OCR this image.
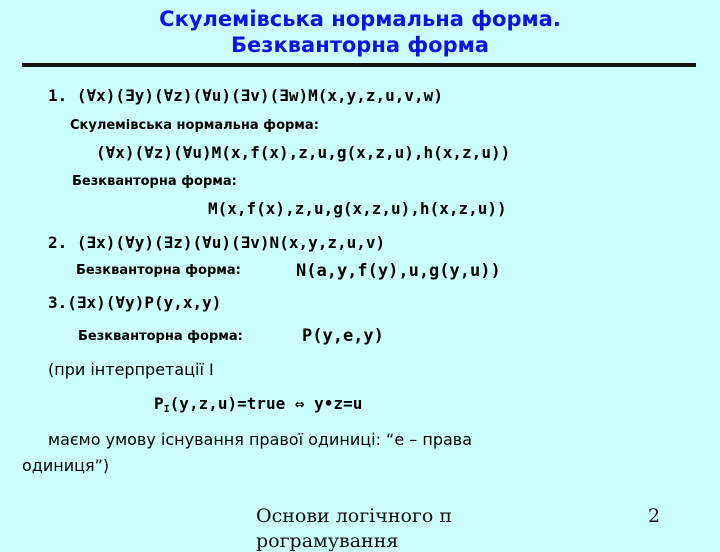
Скулемівська нормальна форма.
Безкванторна форма
1. (∀x)(∃y)(∀z)(∀u)(∃v)(∃w)M(x,y,z,u,v,w)
Скулемівська нормальна форма:
(∀x)(∀z)(∀u)M(x,f(x),z,u,g(x,z,u),h(x,z,u))
Безкванторна форма:
M(x,f(x),z,u,g(x,z,u),h(x,z,u))
2. (∃x)(∀y)(∃z)(∀u)(∃v)N(x,y,z,u,v)
Безкванторна форма:	N(a,y,f(y),u,g(y,u))
3.(∃x)(∀y)P(y,x,y)
Безкванторна форма:	P(y,e,y)
(при інтерпретації I
$P_I(y,z,u)=true$ ⇔ y•z=u
маємо умову існування правої одиниці: “e – права
одиниця”)
Основи логічного п
рограмування
2
